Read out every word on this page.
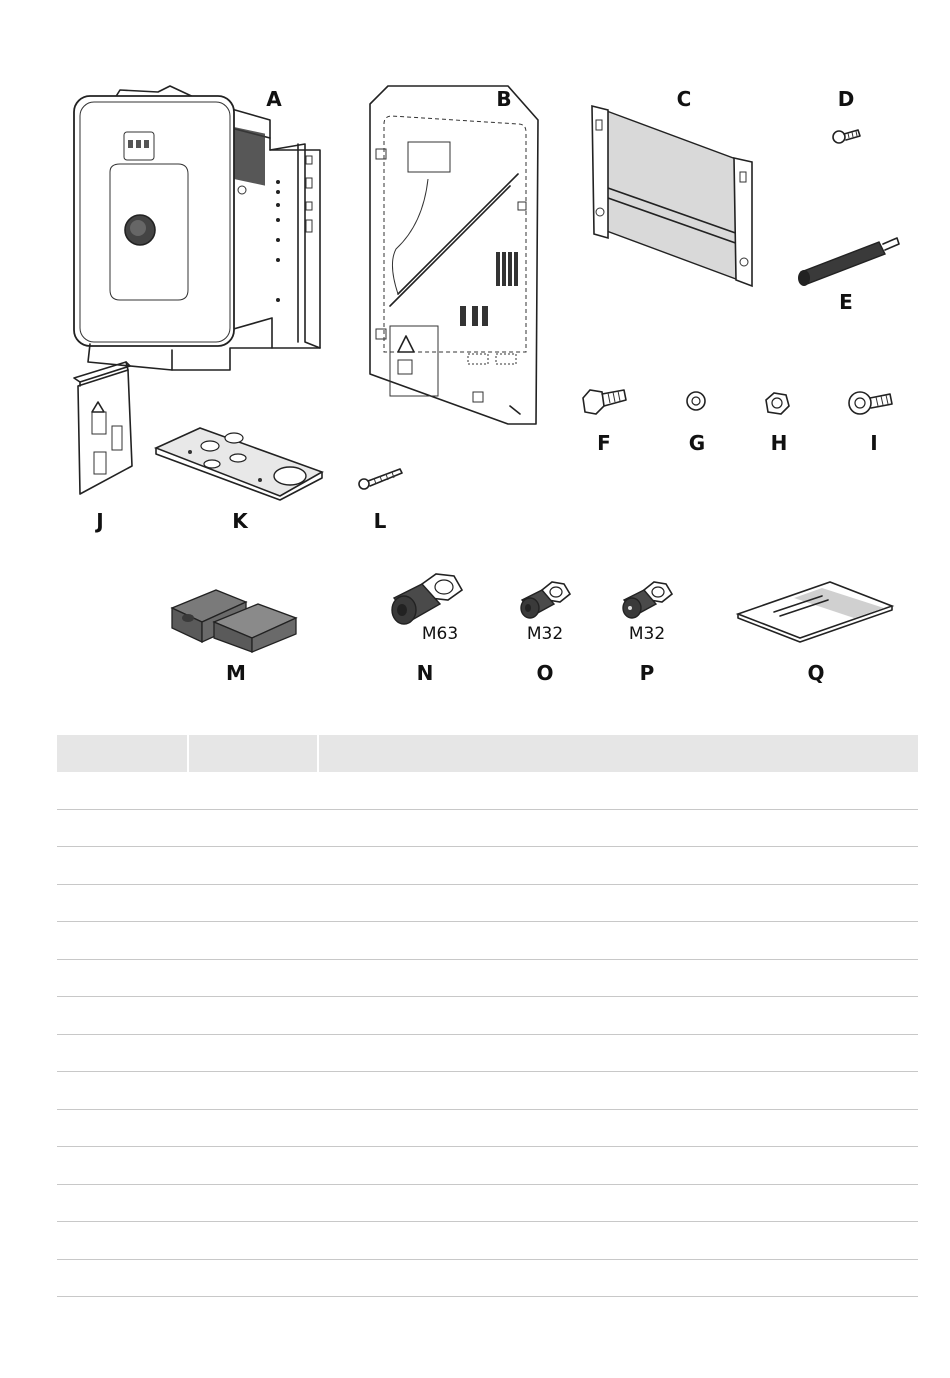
A	B	C	D
E
F	G	H	I
J	K	L
M
M63
N
M32
O
M32
P	Q
